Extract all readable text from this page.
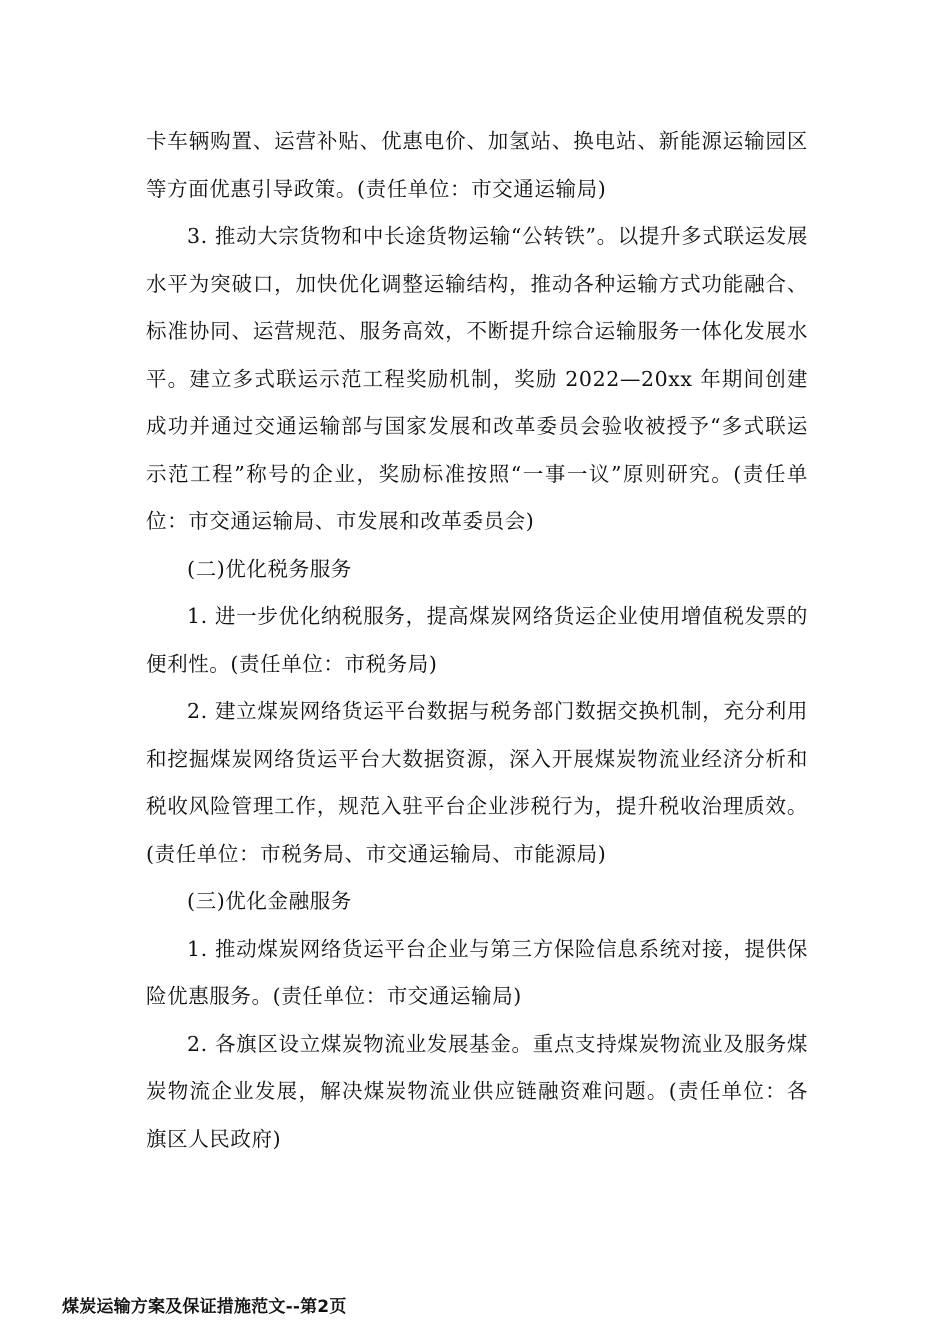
卡车辆购置、运营补贴、优惠电价、加氢站、换电站、新能源运输园区等方面优惠引导政策。(责任单位：市交通运输局)

3. 推动大宗货物和中长途货物运输“公转铁”。以提升多式联运发展水平为突破口，加快优化调整运输结构，推动各种运输方式功能融合、标准协同、运营规范、服务高效，不断提升综合运输服务一体化发展水平。建立多式联运示范工程奖励机制，奖励 2022—20xx 年期间创建成功并通过交通运输部与国家发展和改革委员会验收被授予“多式联运示范工程”称号的企业，奖励标准按照“一事一议”原则研究。(责任单位：市交通运输局、市发展和改革委员会)

(二)优化税务服务

1. 进一步优化纳税服务，提高煤炭网络货运企业使用增值税发票的便利性。(责任单位：市税务局)

2. 建立煤炭网络货运平台数据与税务部门数据交换机制，充分利用和挖掘煤炭网络货运平台大数据资源，深入开展煤炭物流业经济分析和税收风险管理工作，规范入驻平台企业涉税行为，提升税收治理质效。(责任单位：市税务局、市交通运输局、市能源局)

(三)优化金融服务

1. 推动煤炭网络货运平台企业与第三方保险信息系统对接，提供保险优惠服务。(责任单位：市交通运输局)

2. 各旗区设立煤炭物流业发展基金。重点支持煤炭物流业及服务煤炭物流企业发展，解决煤炭物流业供应链融资难问题。(责任单位：各旗区人民政府)

煤炭运输方案及保证措施范文--第2页
